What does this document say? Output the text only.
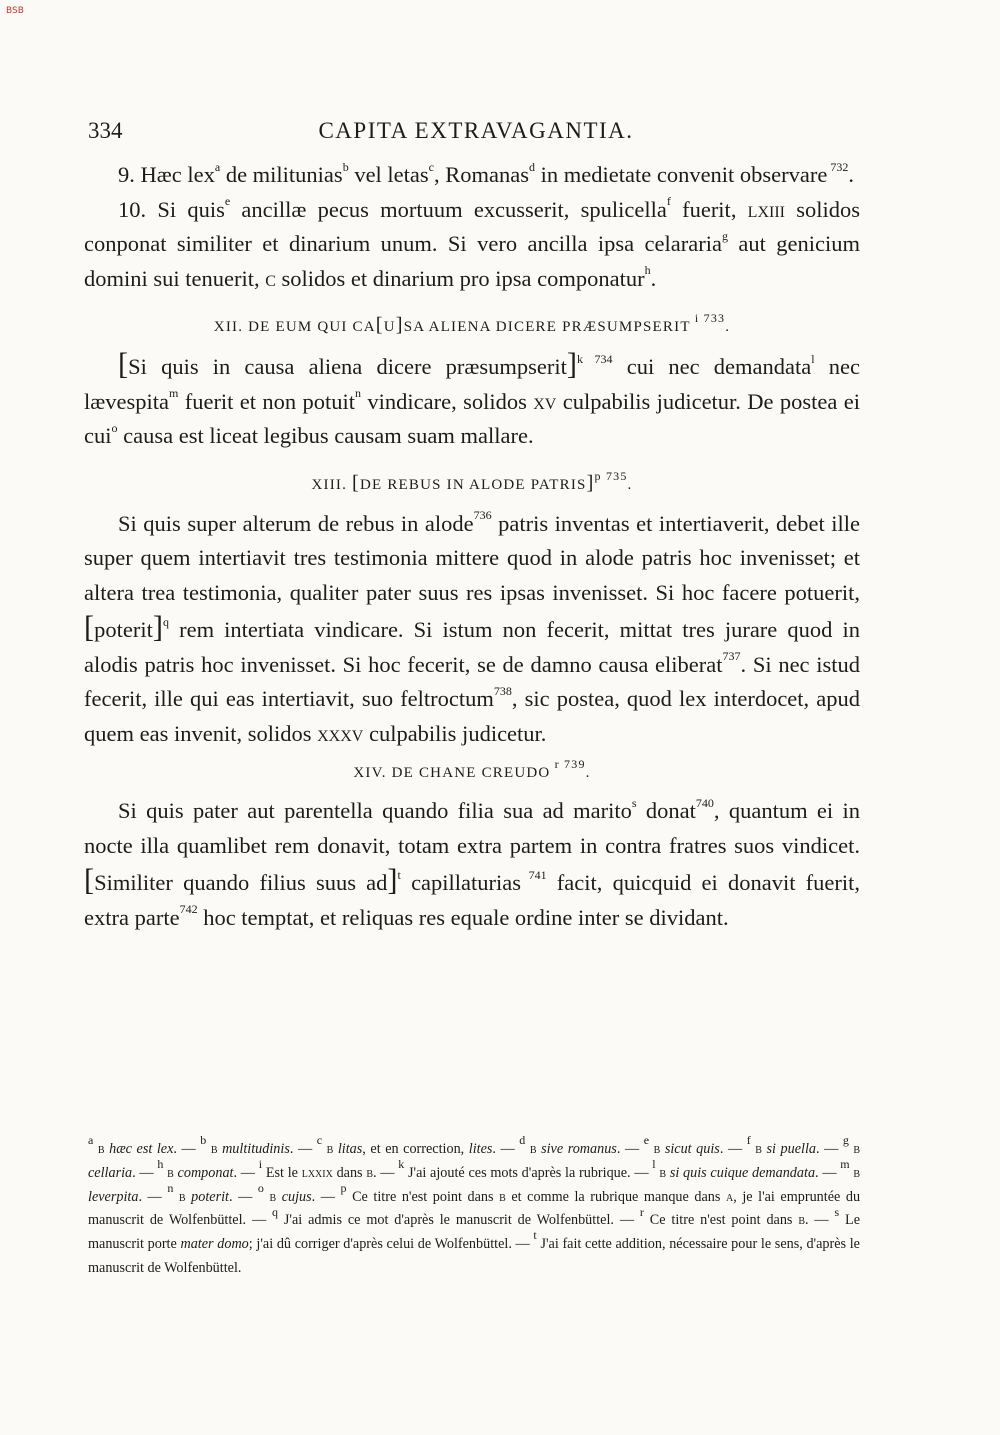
BSB
334	CAPITA EXTRAVAGANTIA.

9. Hæc lex$^a$ de militunias$^b$ vel letas$^c$, Romanas$^d$ in medietate convenit observare $^{732}$.

10. Si quis$^e$ ancillæ pecus mortuum excusserit, spulicella$^f$ fuerit, lxiii solidos conponat similiter et dinarium unum. Si vero ancilla ipsa celararia$^g$ aut genicium domini sui tenuerit, c solidos et dinarium pro ipsa componatur$^h$.

XII. DE EUM QUI CA[U]SA ALIENA DICERE PRÆSUMPSERIT $^{i 733}$.

[Si quis in causa aliena dicere præsumpserit]$^{k 734}$ cui nec demandata$^l$ nec lævespita$^m$ fuerit et non potuit$^n$ vindicare, solidos xv culpabilis judicetur. De postea ei cui$^o$ causa est liceat legibus causam suam mallare.

XIII. [DE REBUS IN ALODE PATRIS]$^{p 735}$.

Si quis super alterum de rebus in alode$^{736}$ patris inventas et intertiaverit, debet ille super quem intertiavit tres testimonia mittere quod in alode patris hoc invenisset; et altera trea testimonia, qualiter pater suus res ipsas invenisset. Si hoc facere potuerit, [poterit]$^q$ rem intertiata vindicare. Si istum non fecerit, mittat tres jurare quod in alodis patris hoc invenisset. Si hoc fecerit, se de damno causa eliberat$^{737}$. Si nec istud fecerit, ille qui eas intertiavit, suo feltroctum$^{738}$, sic postea, quod lex interdocet, apud quem eas invenit, solidos xxxv culpabilis judicetur.

XIV. DE CHANE CREUDO $^{r 739}$.

Si quis pater aut parentella quando filia sua ad marito$^s$ donat$^{740}$, quantum ei in nocte illa quamlibet rem donavit, totam extra partem in contra fratres suos vindicet. [Similiter quando filius suus ad]$^t$ capillaturias $^{741}$ facit, quicquid ei donavit fuerit, extra parte$^{742}$ hoc temptat, et reliquas res equale ordine inter se dividant.

$^a$ b hæc est lex. — $^b$ b multitudinis. — $^c$ b litas, et en correction, lites. — $^d$ b sive romanus. — $^e$ b sicut quis. — $^f$ b si puella. — $^g$ b cellaria. — $^h$ b componat. — $^i$ Est le lxxix dans b. — $^k$ J'ai ajouté ces mots d'après la rubrique. — $^l$ b si quis cuique demandata. — $^m$ b leverpita. — $^n$ b poterit. — $^o$ b cujus. — $^p$ Ce titre n'est point dans b et comme la rubrique manque dans a, je l'ai empruntée du manuscrit de Wolfenbüttel. — $^q$ J'ai admis ce mot d'après le manuscrit de Wolfenbüttel. — $^r$ Ce titre n'est point dans b. — $^s$ Le manuscrit porte mater domo; j'ai dû corriger d'après celui de Wolfenbüttel. — $^t$ J'ai fait cette addition, nécessaire pour le sens, d'après le manuscrit de Wolfenbüttel.
